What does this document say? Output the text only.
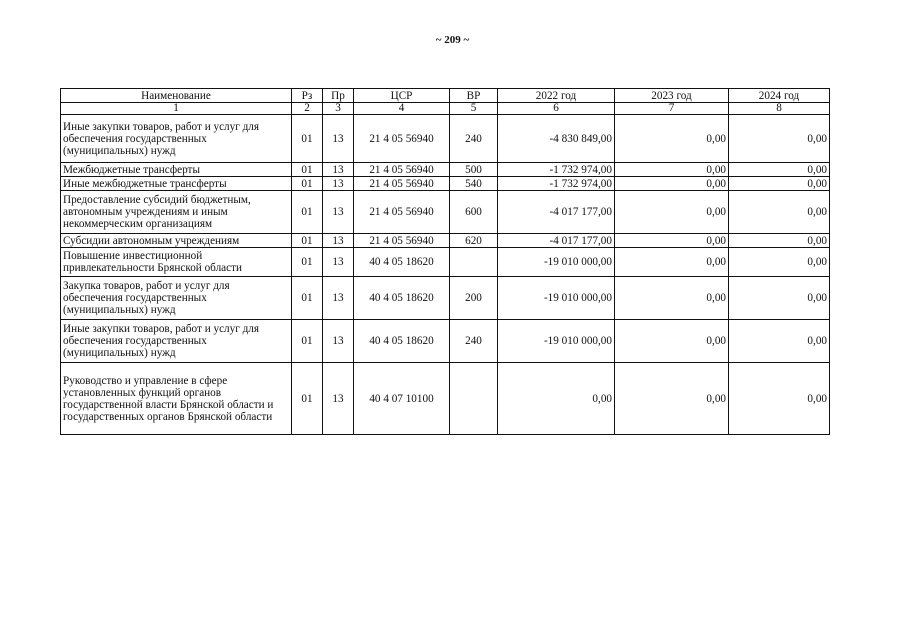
~ 209 ~
Наименование	Рз	Пр	ЦСР	ВР	2022 год	2023 год	2024 год
1	2	3	4	5	6	7	8
Иные закупки товаров, работ и услуг для обеспечения государственных (муниципальных) нужд	01	13	21 4 05 56940	240	-4 830 849,00	0,00	0,00
Межбюджетные трансферты	01	13	21 4 05 56940	500	-1 732 974,00	0,00	0,00
Иные межбюджетные трансферты	01	13	21 4 05 56940	540	-1 732 974,00	0,00	0,00
Предоставление субсидий бюджетным, автономным учреждениям и иным некоммерческим организациям	01	13	21 4 05 56940	600	-4 017 177,00	0,00	0,00
Субсидии автономным учреждениям	01	13	21 4 05 56940	620	-4 017 177,00	0,00	0,00
Повышение инвестиционной привлекательности Брянской области	01	13	40 4 05 18620		-19 010 000,00	0,00	0,00
Закупка товаров, работ и услуг для обеспечения государственных (муниципальных) нужд	01	13	40 4 05 18620	200	-19 010 000,00	0,00	0,00
Иные закупки товаров, работ и услуг для обеспечения государственных (муниципальных) нужд	01	13	40 4 05 18620	240	-19 010 000,00	0,00	0,00
Руководство и управление в сфере установленных функций органов государственной власти Брянской области и государственных органов Брянской области	01	13	40 4 07 10100		0,00	0,00	0,00
